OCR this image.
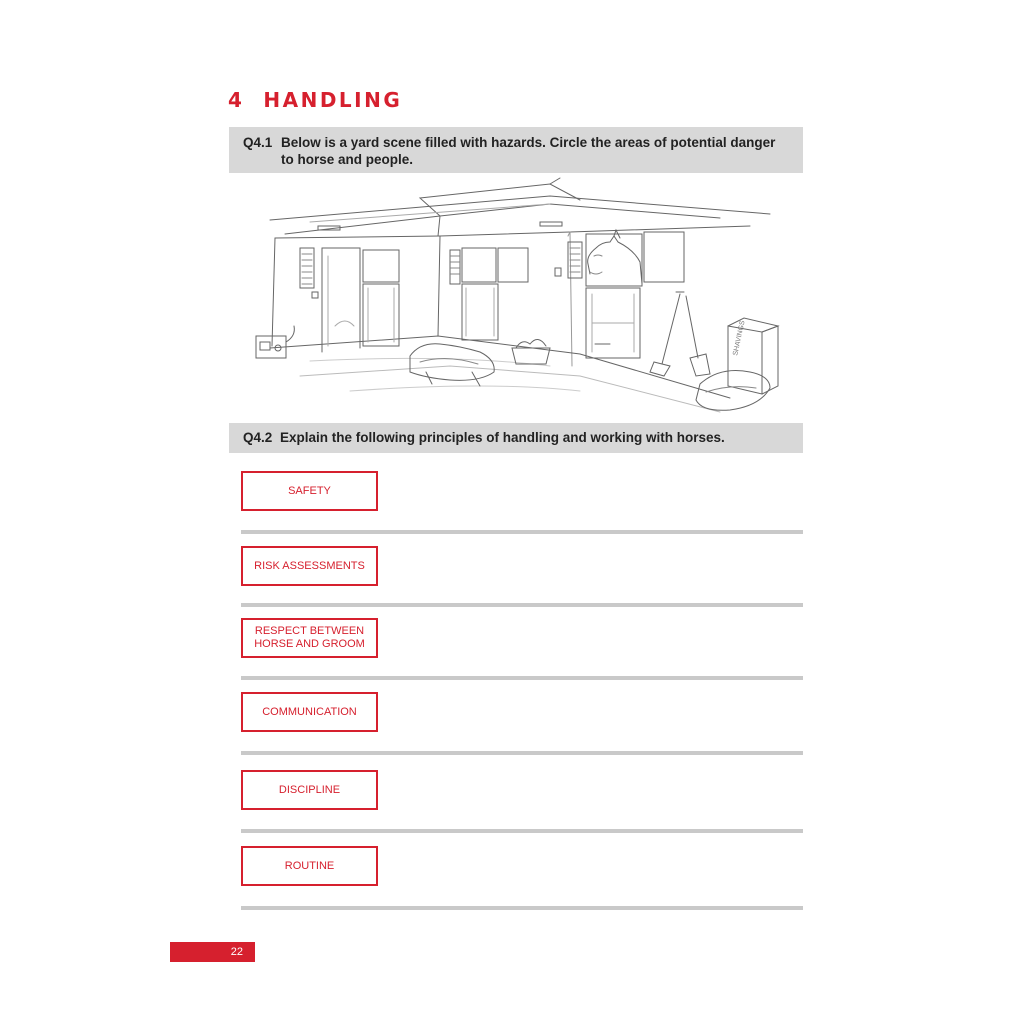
4 HANDLING
Q4.1 Below is a yard scene filled with hazards. Circle the areas of potential danger to horse and people.
SHAVINGS
Q4.2 Explain the following principles of handling and working with horses.
SAFETY
RISK ASSESSMENTS
RESPECT BETWEEN
HORSE AND GROOM
COMMUNICATION
DISCIPLINE
ROUTINE
22
